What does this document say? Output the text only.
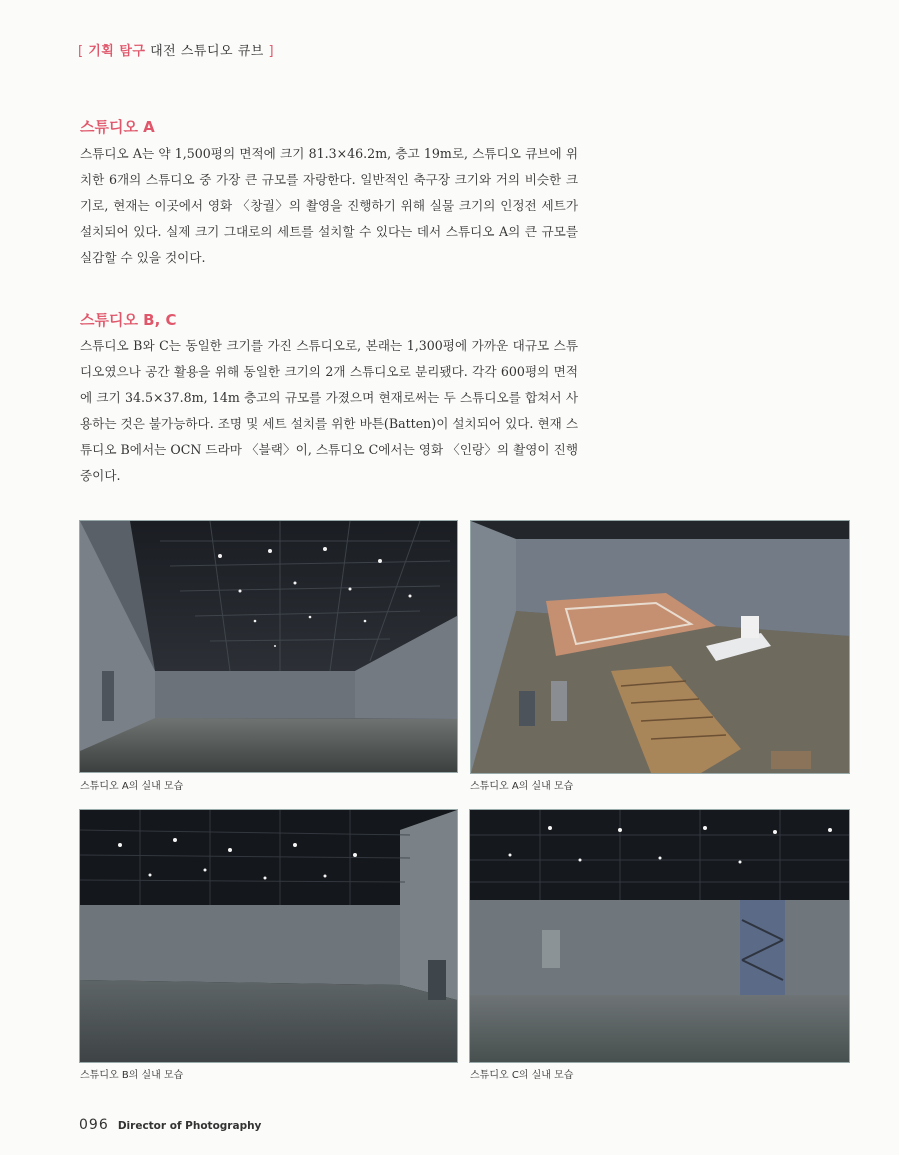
[ 기획 탐구 대전 스튜디오 큐브 ]
스튜디오 A
스튜디오 A는 약 1,500평의 면적에 크기 81.3×46.2m, 층고 19m로, 스튜디오 큐브에 위치한 6개의 스튜디오 중 가장 큰 규모를 자랑한다. 일반적인 축구장 크기와 거의 비슷한 크기로, 현재는 이곳에서 영화 〈창궐〉의 촬영을 진행하기 위해 실물 크기의 인정전 세트가 설치되어 있다. 실제 크기 그대로의 세트를 설치할 수 있다는 데서 스튜디오 A의 큰 규모를 실감할 수 있을 것이다.
스튜디오 B, C
스튜디오 B와 C는 동일한 크기를 가진 스튜디오로, 본래는 1,300평에 가까운 대규모 스튜디오였으나 공간 활용을 위해 동일한 크기의 2개 스튜디오로 분리됐다. 각각 600평의 면적에 크기 34.5×37.8m, 14m 층고의 규모를 가졌으며 현재로써는 두 스튜디오를 합쳐서 사용하는 것은 불가능하다. 조명 및 세트 설치를 위한 바튼(Batten)이 설치되어 있다. 현재 스튜디오 B에서는 OCN 드라마 〈블랙〉이, 스튜디오 C에서는 영화 〈인랑〉의 촬영이 진행 중이다.
스튜디오 A의 실내 모습	스튜디오 A의 실내 모습
스튜디오 B의 실내 모습	스튜디오 C의 실내 모습
096 Director of Photography
